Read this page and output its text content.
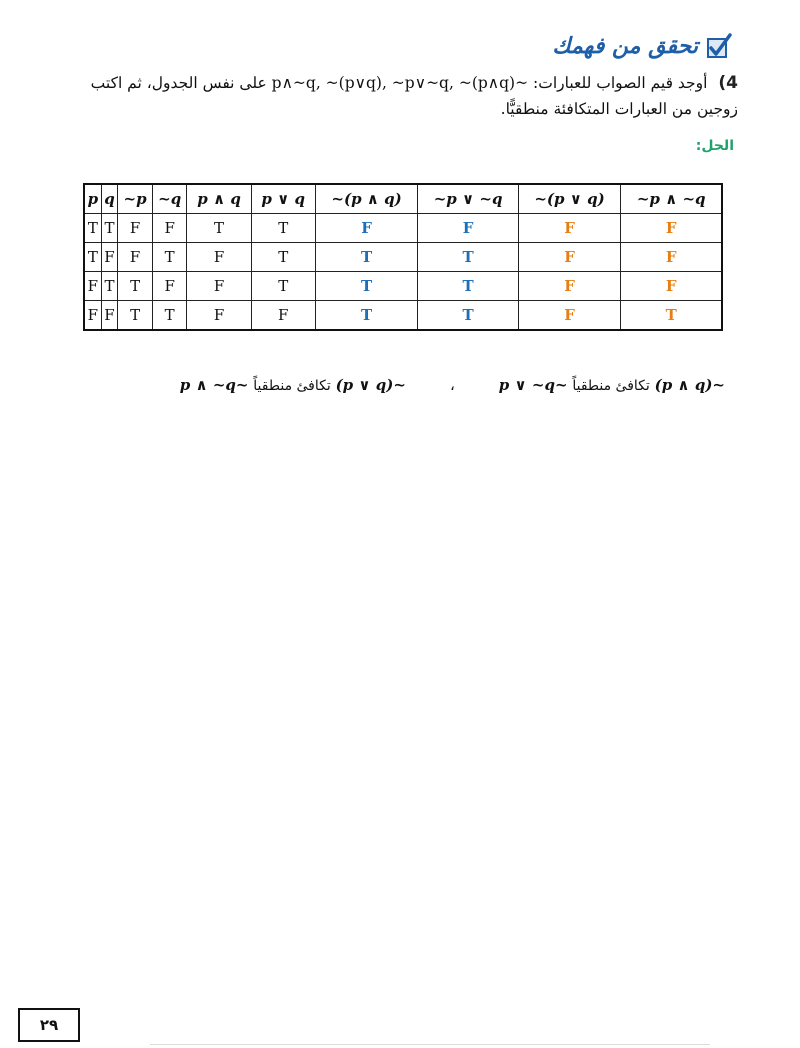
تحقق من فهمك
4) أوجد قيم الصواب للعبارات: ~p∧~q, ~(p∨q), ~p∨~q, ~(p∧q) على نفس الجدول، ثم اكتب
زوجين من العبارات المتكافئة منطقيًّا.
الحل:
p	q	~p	~q	p ∧ q	p ∨ q	~(p ∧ q)	~p ∨ ~q	~(p ∨ q)	~p ∧ ~q
T	T	F	F	T	T	F	F	F	F
T	F	F	T	F	T	T	T	F	F
F	T	T	F	F	T	T	T	F	F
F	F	T	T	F	F	T	T	F	T
~(p ∧ q) تكافئ منطقياً ~p ∨ ~q
،
~(p ∨ q) تكافئ منطقياً ~p ∧ ~q
٢٩
